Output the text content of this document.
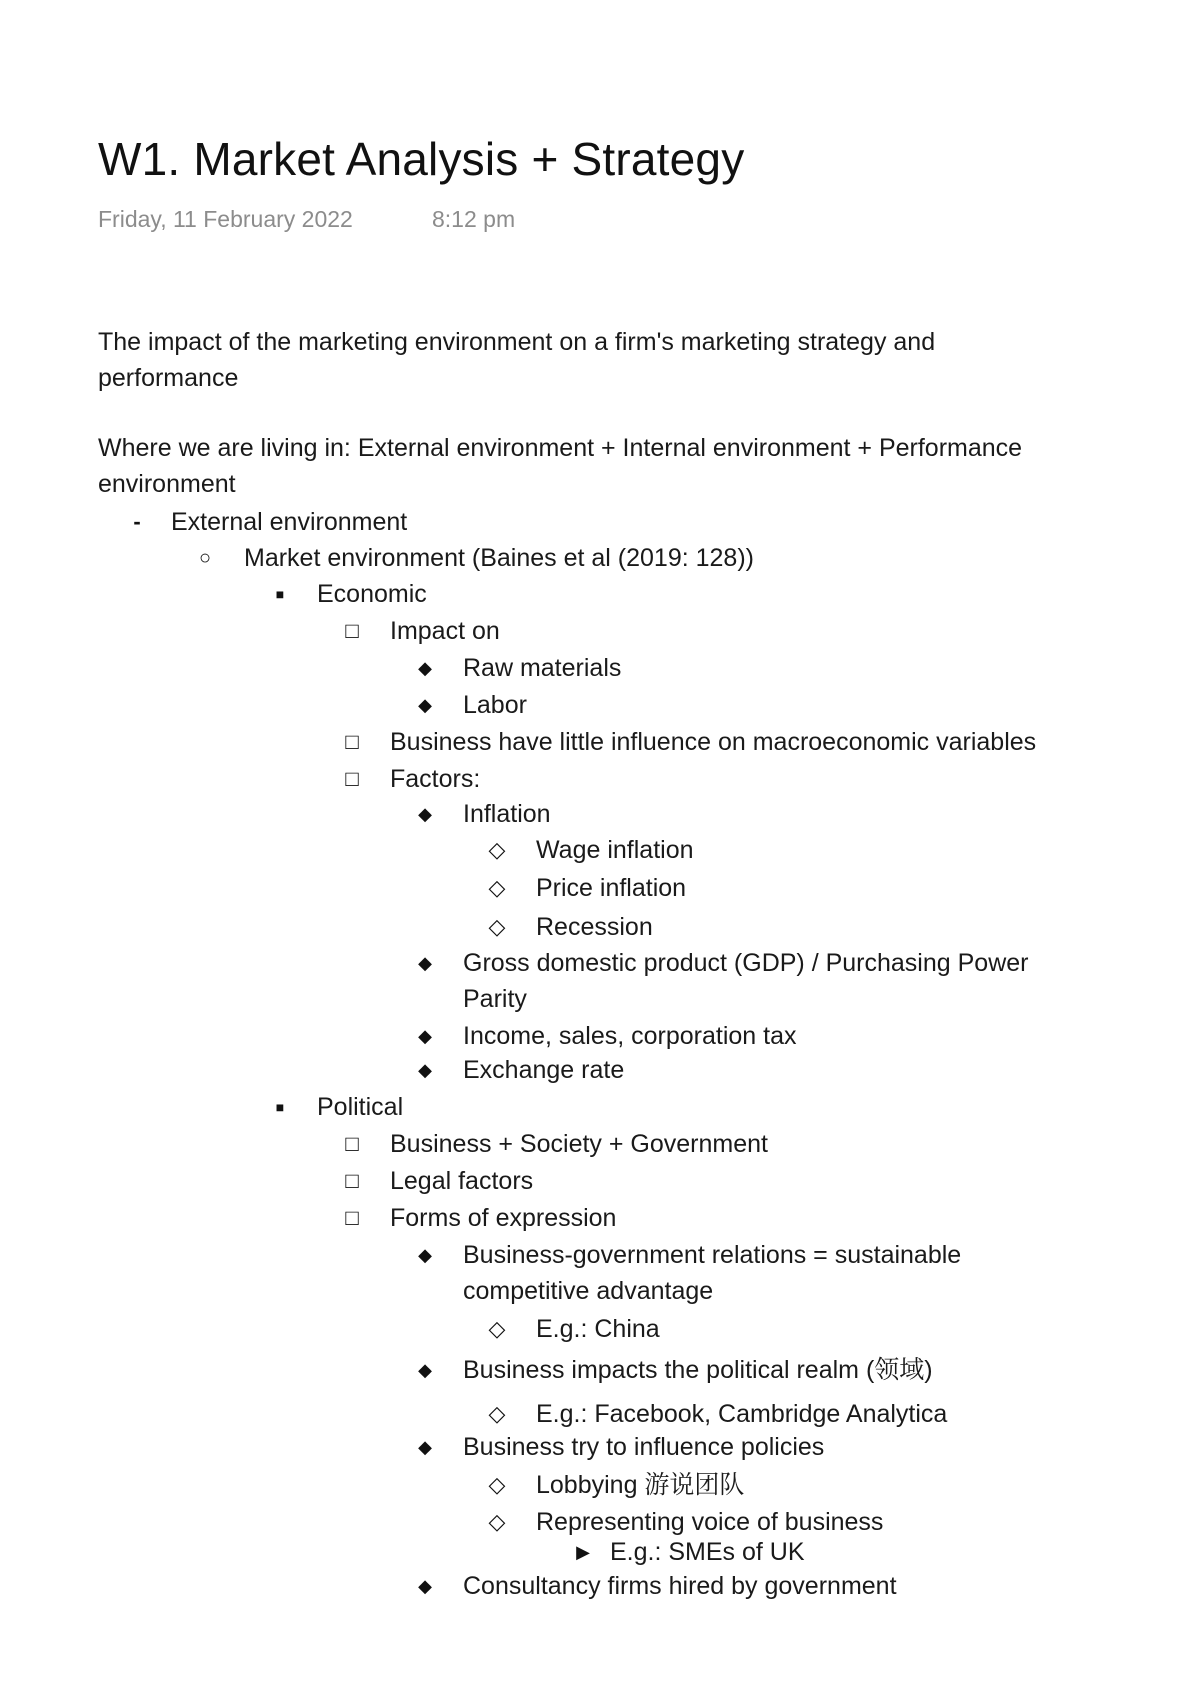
W1. Market Analysis + Strategy
Friday, 11 February 2022	8:12 pm

The impact of the marketing environment on a firm's marketing strategy and performance

Where we are living in: External environment + Internal environment + Performance environment

-	External environment
○	Market environment (Baines et al (2019: 128))
■	Economic
□	Impact on
◆	Raw materials
◆	Labor
□	Business have little influence on macroeconomic variables
□	Factors:
◆	Inflation
◇ Wage inflation
◇ Price inflation
◇ Recession
◆	Gross domestic product (GDP) / Purchasing Power Parity
◆	Income, sales, corporation tax
◆	Exchange rate
■	Political
□	Business + Society + Government
□	Legal factors
□	Forms of expression
◆	Business-government relations = sustainable competitive advantage
◇ E.g.: China
◆	Business impacts the political realm (领域)
◇ E.g.: Facebook, Cambridge Analytica
◆	Business try to influence policies
◇ Lobbying 游说团队
◇ Representing voice of business
▶ E.g.: SMEs of UK
◆	Consultancy firms hired by government
